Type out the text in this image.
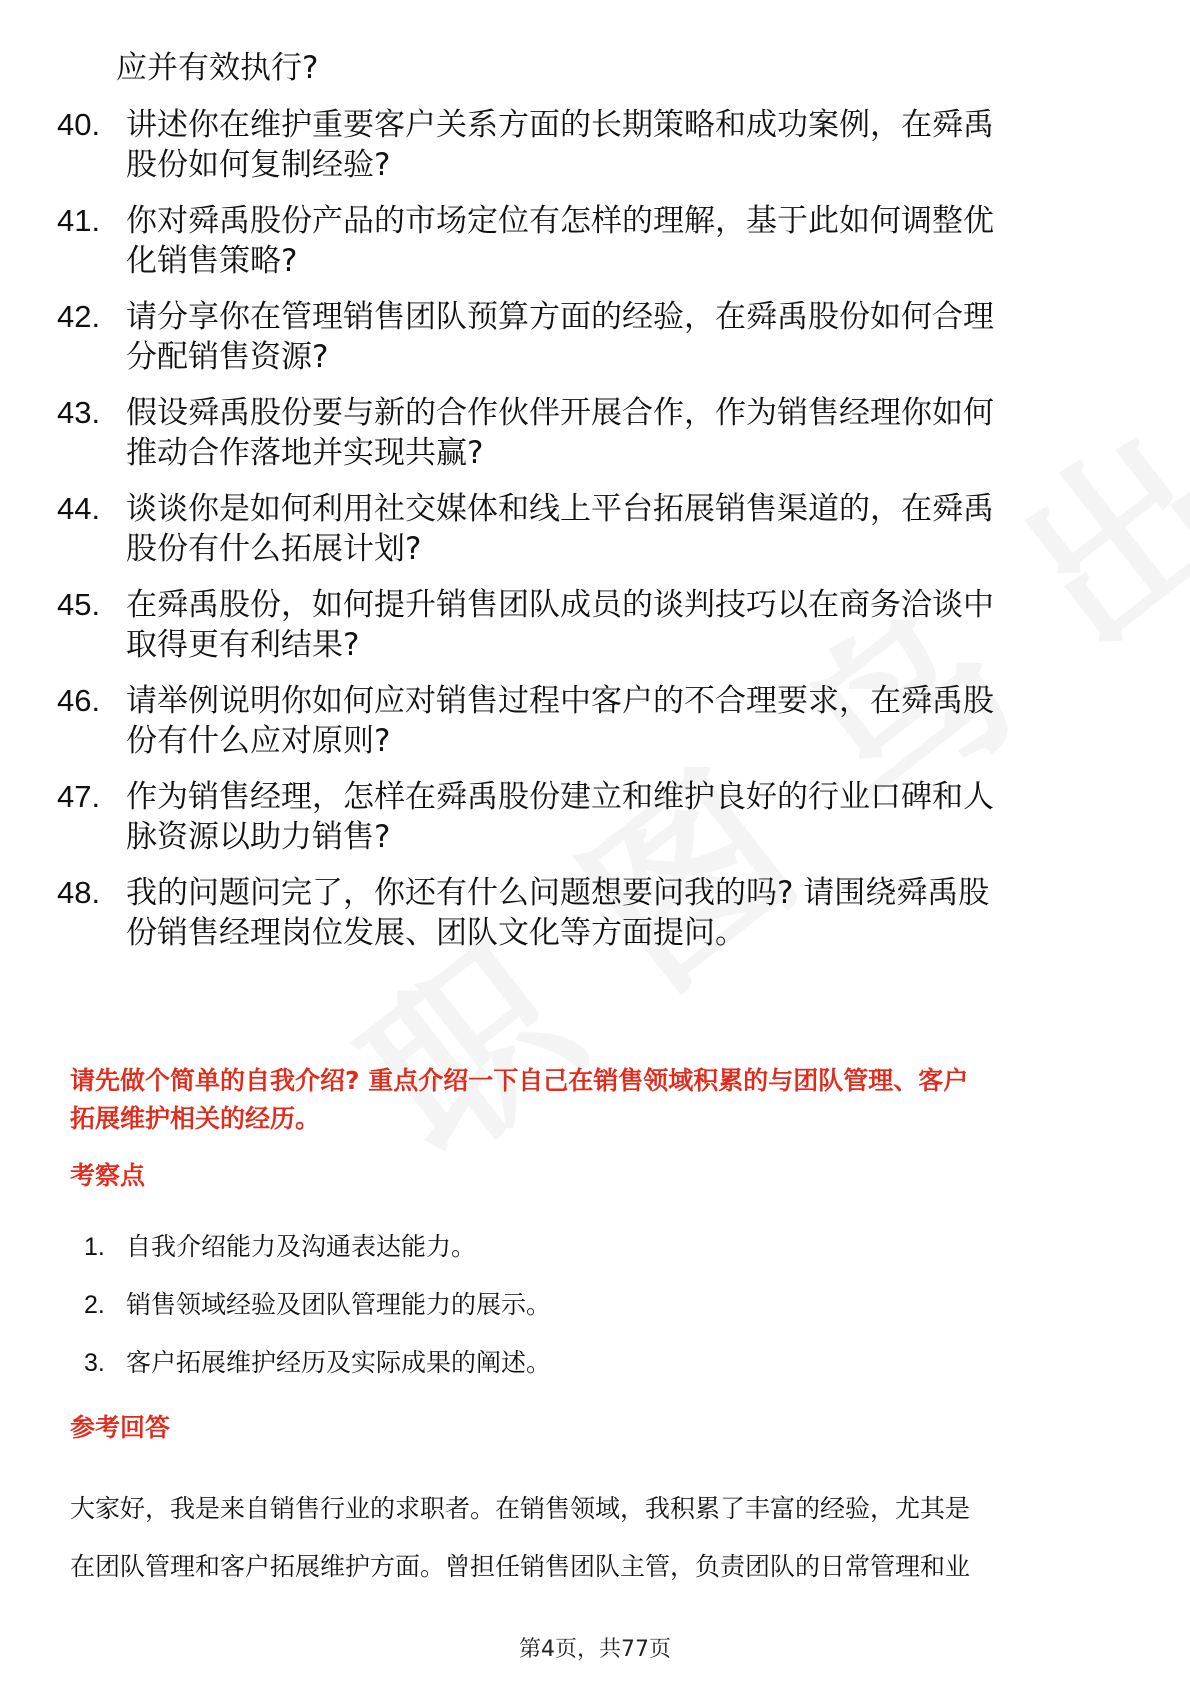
应并有效执行?
40. 讲述你在维护重要客户关系方面的长期策略和成功案例，在舜禹
股份如何复制经验?
41. 你对舜禹股份产品的市场定位有怎样的理解，基于此如何调整优
化销售策略?
42. 请分享你在管理销售团队预算方面的经验，在舜禹股份如何合理
分配销售资源?
43. 假设舜禹股份要与新的合作伙伴开展合作，作为销售经理你如何
推动合作落地并实现共赢?
44. 谈谈你是如何利用社交媒体和线上平台拓展销售渠道的，在舜禹
股份有什么拓展计划?
45. 在舜禹股份，如何提升销售团队成员的谈判技巧以在商务洽谈中
取得更有利结果?
46. 请举例说明你如何应对销售过程中客户的不合理要求，在舜禹股
份有什么应对原则?
47. 作为销售经理，怎样在舜禹股份建立和维护良好的行业口碑和人
脉资源以助力销售?
48. 我的问题问完了，你还有什么问题想要问我的吗? 请围绕舜禹股
份销售经理岗位发展、团队文化等方面提问。
请先做个简单的自我介绍? 重点介绍一下自己在销售领域积累的与团队管理、客户
拓展维护相关的经历。
考察点
1. 自我介绍能力及沟通表达能力。
2. 销售领域经验及团队管理能力的展示。
3. 客户拓展维护经历及实际成果的阐述。
参考回答
大家好，我是来自销售行业的求职者。在销售领域，我积累了丰富的经验，尤其是
在团队管理和客户拓展维护方面。曾担任销售团队主管，负责团队的日常管理和业
第4页，共77页
